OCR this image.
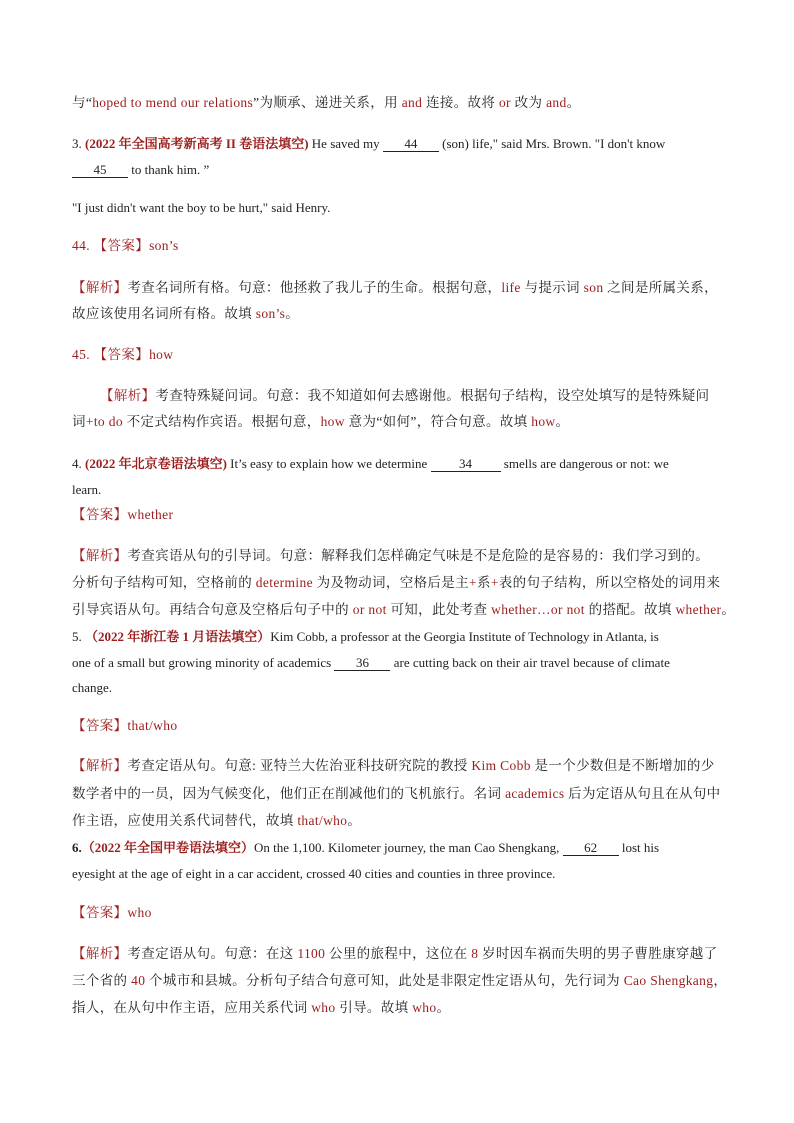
与“hoped to mend our relations”为顺承、递进关系，用 and 连接。故将 or 改为 and。
3. (2022 年全国高考新高考 II 卷语法填空) He saved my 44 (son) life," said Mrs. Brown. "I don't know
45 to thank him. ”
"I just didn't want the boy to be hurt," said Henry.
44. 【答案】son’s
【解析】考查名词所有格。句意：他拯救了我儿子的生命。根据句意，life 与提示词 son 之间是所属关系，
故应该使用名词所有格。故填 son’s。
45. 【答案】how
【解析】考查特殊疑问词。句意：我不知道如何去感谢他。根据句子结构，设空处填写的是特殊疑问
词+to do 不定式结构作宾语。根据句意，how 意为“如何”，符合句意。故填 how。
4. (2022 年北京卷语法填空) It’s easy to explain how we determine 34 smells are dangerous or not: we
learn.
【答案】whether
【解析】考查宾语从句的引导词。句意：解释我们怎样确定气味是不是危险的是容易的：我们学习到的。
分析句子结构可知，空格前的 determine 为及物动词，空格后是主+系+表的句子结构，所以空格处的词用来
引导宾语从句。再结合句意及空格后句子中的 or not 可知，此处考查 whether…or not 的搭配。故填 whether。
5. （2022 年浙江卷 1 月语法填空）Kim Cobb, a professor at the Georgia Institute of Technology in Atlanta, is
one of a small but growing minority of academics 36 are cutting back on their air travel because of climate
change.
【答案】that/who
【解析】考查定语从句。句意: 亚特兰大佐治亚科技研究院的教授 Kim Cobb 是一个少数但是不断增加的少
数学者中的一员，因为气候变化，他们正在削减他们的飞机旅行。名词 academics 后为定语从句且在从句中
作主语，应使用关系代词替代，故填 that/who。
6.（2022 年全国甲卷语法填空）On the 1,100. Kilometer journey, the man Cao Shengkang, 62 lost his
eyesight at the age of eight in a car accident, crossed 40 cities and counties in three province.
【答案】who
【解析】考查定语从句。句意：在这 1100 公里的旅程中，这位在 8 岁时因车祸而失明的男子曹胜康穿越了
三个省的 40 个城市和县城。分析句子结合句意可知，此处是非限定性定语从句，先行词为 Cao Shengkang，
指人，在从句中作主语，应用关系代词 who 引导。故填 who。
